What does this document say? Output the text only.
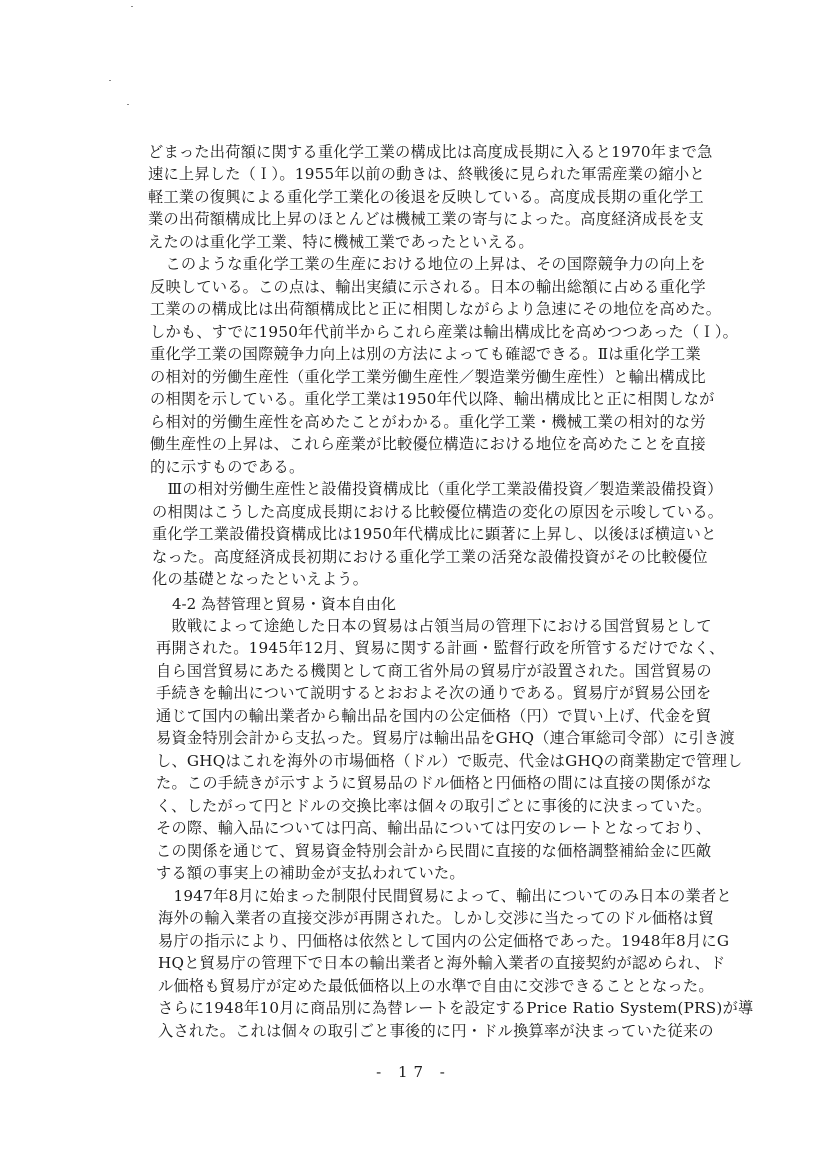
どまった出荷額に関する重化学工業の構成比は高度成長期に入ると1970年まで急
速に上昇した（Ｉ）。1955年以前の動きは、終戦後に見られた軍需産業の縮小と
軽工業の復興による重化学工業化の後退を反映している。高度成長期の重化学工
業の出荷額構成比上昇のほとんどは機械工業の寄与によった。高度経済成長を支
えたのは重化学工業、特に機械工業であったといえる。
　このような重化学工業の生産における地位の上昇は、その国際競争力の向上を
反映している。この点は、輸出実績に示される。日本の輸出総額に占める重化学
工業のの構成比は出荷額構成比と正に相関しながらより急速にその地位を高めた。
しかも、すでに1950年代前半からこれら産業は輸出構成比を高めつつあった（Ｉ）。
重化学工業の国際競争力向上は別の方法によっても確認できる。Ⅱは重化学工業
の相対的労働生産性（重化学工業労働生産性／製造業労働生産性）と輸出構成比
の相関を示している。重化学工業は1950年代以降、輸出構成比と正に相関しなが
ら相対的労働生産性を高めたことがわかる。重化学工業・機械工業の相対的な労
働生産性の上昇は、これら産業が比較優位構造における地位を高めたことを直接
的に示すものである。
　Ⅲの相対労働生産性と設備投資構成比（重化学工業設備投資／製造業設備投資）
の相関はこうした高度成長期における比較優位構造の変化の原因を示唆している。
重化学工業設備投資構成比は1950年代構成比に顕著に上昇し、以後ほぼ横這いと
なった。高度経済成長初期における重化学工業の活発な設備投資がその比較優位
化の基礎となったといえよう。
4-2 為替管理と貿易・資本自由化
　敗戦によって途絶した日本の貿易は占領当局の管理下における国営貿易として
再開された。1945年12月、貿易に関する計画・監督行政を所管するだけでなく、
自ら国営貿易にあたる機関として商工省外局の貿易庁が設置された。国営貿易の
手続きを輸出について説明するとおおよそ次の通りである。貿易庁が貿易公団を
通じて国内の輸出業者から輸出品を国内の公定価格（円）で買い上げ、代金を貿
易資金特別会計から支払った。貿易庁は輸出品をGHQ（連合軍総司令部）に引き渡
し、GHQはこれを海外の市場価格（ドル）で販売、代金はGHQの商業勘定で管理し
た。この手続きが示すように貿易品のドル価格と円価格の間には直接の関係がな
く、したがって円とドルの交換比率は個々の取引ごとに事後的に決まっていた。
その際、輸入品については円高、輸出品については円安のレートとなっており、
この関係を通じて、貿易資金特別会計から民間に直接的な価格調整補給金に匹敵
する額の事実上の補助金が支払われていた。
　1947年8月に始まった制限付民間貿易によって、輸出についてのみ日本の業者と
海外の輸入業者の直接交渉が再開された。しかし交渉に当たってのドル価格は貿
易庁の指示により、円価格は依然として国内の公定価格であった。1948年8月にG
HQと貿易庁の管理下で日本の輸出業者と海外輸入業者の直接契約が認められ、ド
ル価格も貿易庁が定めた最低価格以上の水準で自由に交渉できることとなった。
さらに1948年10月に商品別に為替レートを設定するPrice Ratio System(PRS)が導
入された。これは個々の取引ごと事後的に円・ドル換算率が決まっていた従来の
- 17 -
